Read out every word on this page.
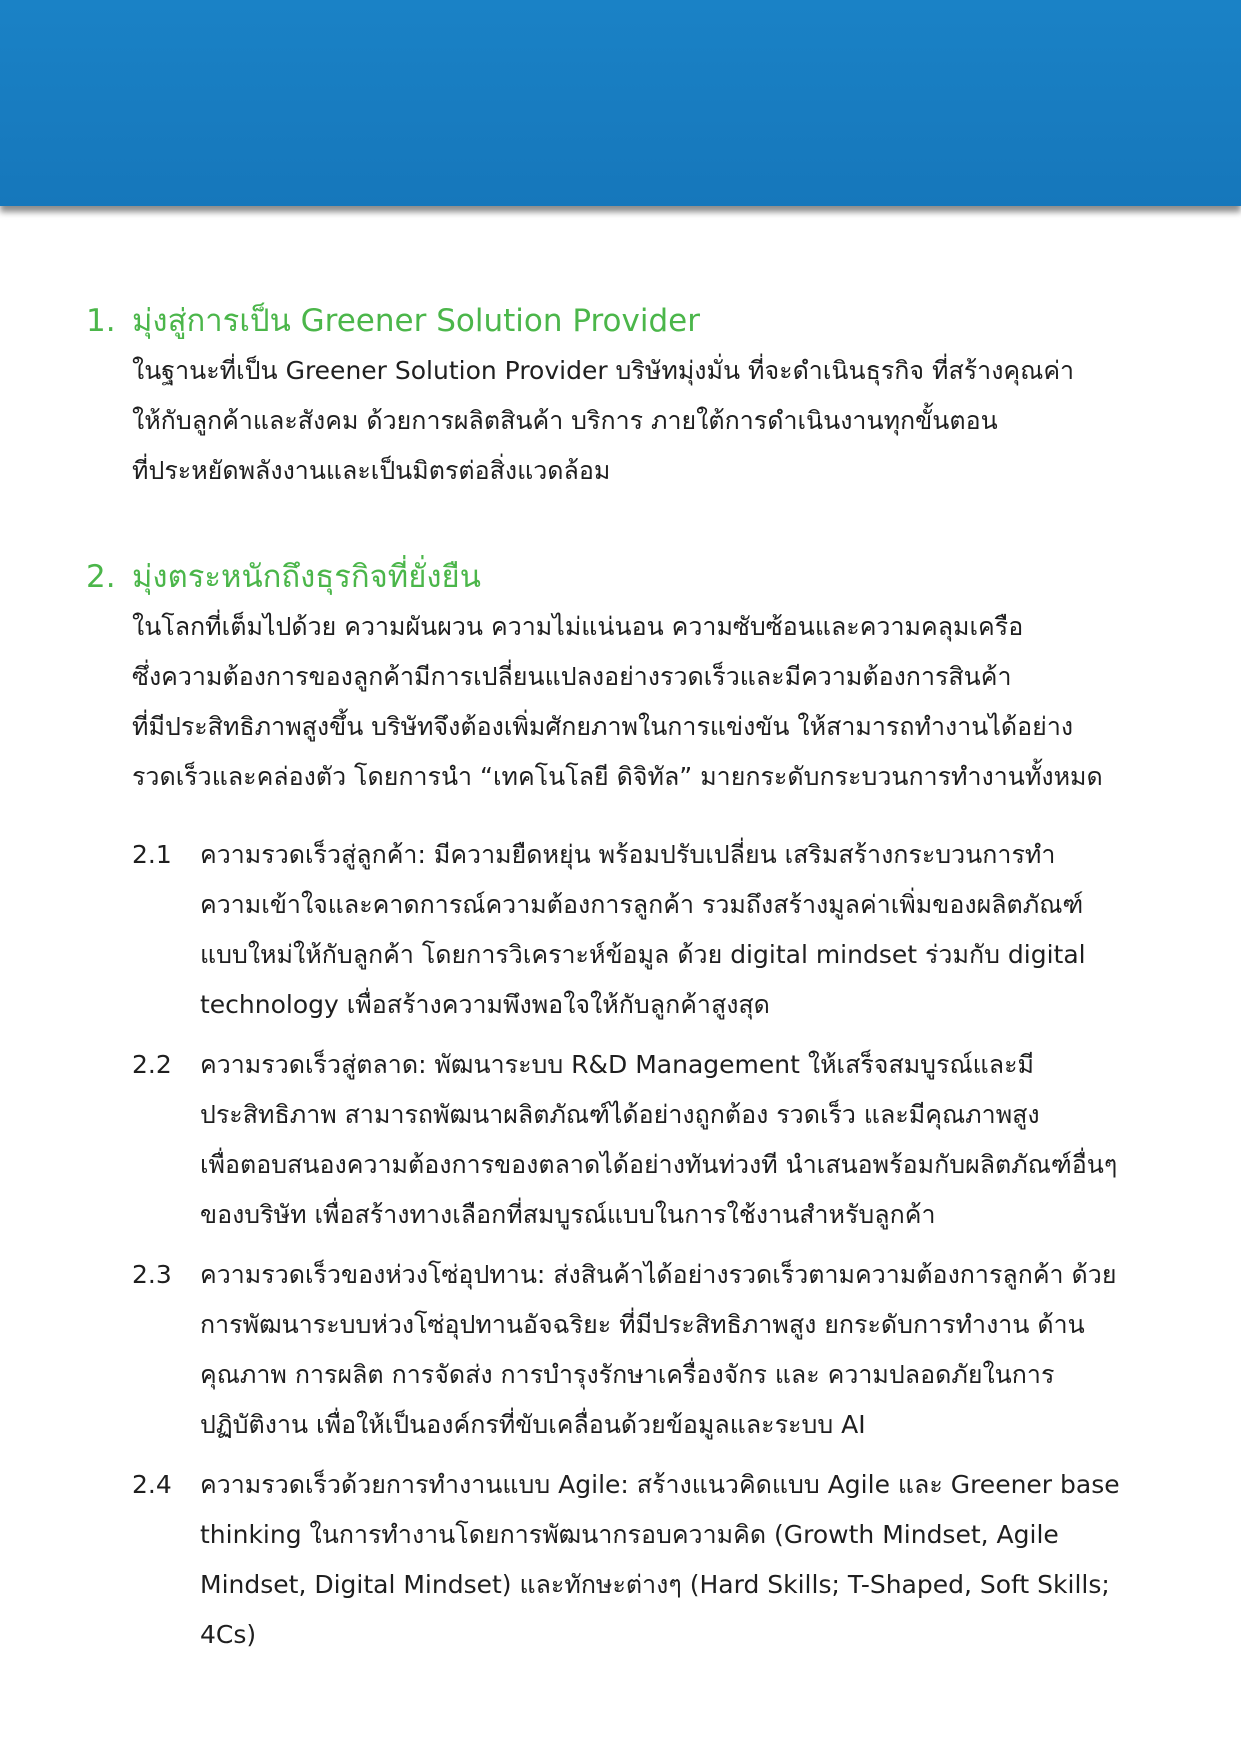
1. มุ่งสู่การเป็น Greener Solution Provider
ในฐานะที่เป็น Greener Solution Provider บริษัทมุ่งมั่น ที่จะดำเนินธุรกิจ ที่สร้างคุณค่า
ให้กับลูกค้าและสังคม ด้วยการผลิตสินค้า บริการ ภายใต้การดำเนินงานทุกขั้นตอน
ที่ประหยัดพลังงานและเป็นมิตรต่อสิ่งแวดล้อม
2. มุ่งตระหนักถึงธุรกิจที่ยั่งยืน
ในโลกที่เต็มไปด้วย ความผันผวน ความไม่แน่นอน ความซับซ้อนและความคลุมเครือ
ซึ่งความต้องการของลูกค้ามีการเปลี่ยนแปลงอย่างรวดเร็วและมีความต้องการสินค้า
ที่มีประสิทธิภาพสูงขึ้น บริษัทจึงต้องเพิ่มศักยภาพในการแข่งขัน ให้สามารถทำงานได้อย่าง
รวดเร็วและคล่องตัว โดยการนำ “เทคโนโลยี ดิจิทัล” มายกระดับกระบวนการทำงานทั้งหมด
2.1	ความรวดเร็วสู่ลูกค้า: มีความยืดหยุ่น พร้อมปรับเปลี่ยน เสริมสร้างกระบวนการทำ
ความเข้าใจและคาดการณ์ความต้องการลูกค้า รวมถึงสร้างมูลค่าเพิ่มของผลิตภัณฑ์
แบบใหม่ให้กับลูกค้า โดยการวิเคราะห์ข้อมูล ด้วย digital mindset ร่วมกับ digital
technology เพื่อสร้างความพึงพอใจให้กับลูกค้าสูงสุด
2.2	ความรวดเร็วสู่ตลาด: พัฒนาระบบ R&D Management ให้เสร็จสมบูรณ์และมี
ประสิทธิภาพ สามารถพัฒนาผลิตภัณฑ์ได้อย่างถูกต้อง รวดเร็ว และมีคุณภาพสูง
เพื่อตอบสนองความต้องการของตลาดได้อย่างทันท่วงที นำเสนอพร้อมกับผลิตภัณฑ์อื่นๆ
ของบริษัท เพื่อสร้างทางเลือกที่สมบูรณ์แบบในการใช้งานสำหรับลูกค้า
2.3	ความรวดเร็วของห่วงโซ่อุปทาน: ส่งสินค้าได้อย่างรวดเร็วตามความต้องการลูกค้า ด้วย
การพัฒนาระบบห่วงโซ่อุปทานอัจฉริยะ ที่มีประสิทธิภาพสูง ยกระดับการทำงาน ด้าน
คุณภาพ การผลิต การจัดส่ง การบำรุงรักษาเครื่องจักร และ ความปลอดภัยในการ
ปฏิบัติงาน เพื่อให้เป็นองค์กรที่ขับเคลื่อนด้วยข้อมูลและระบบ AI
2.4	ความรวดเร็วด้วยการทำงานแบบ Agile: สร้างแนวคิดแบบ Agile และ Greener base
thinking ในการทำงานโดยการพัฒนากรอบความคิด (Growth Mindset, Agile
Mindset, Digital Mindset) และทักษะต่างๆ (Hard Skills; T-Shaped, Soft Skills;
4Cs)
